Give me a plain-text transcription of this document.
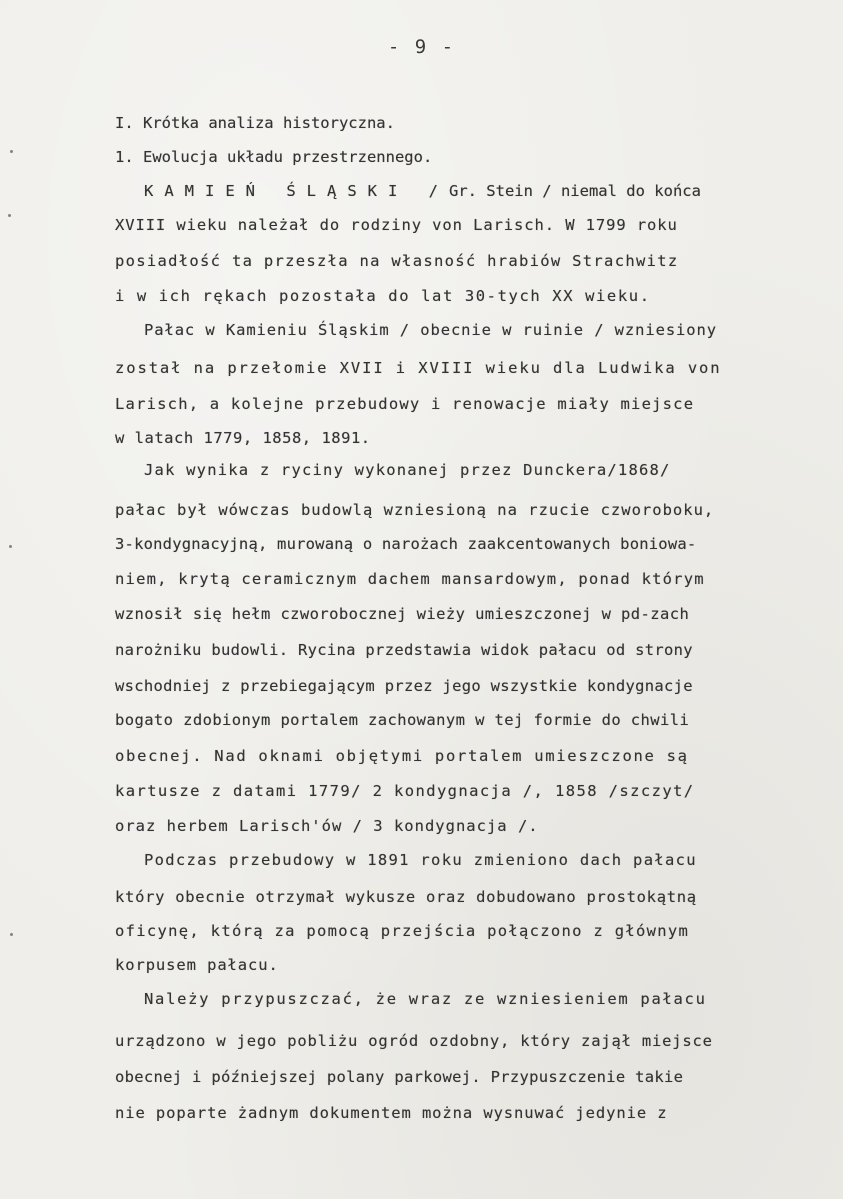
- 9 -
I. Krótka analiza historyczna.
1. Ewolucja układu przestrzennego.
KAMIEŃ ŚLĄSKI /Gr. Stein / niemal do końca
XVIII wieku należał do rodziny von Larisch. W 1799 roku
posiadłość ta przeszła na własność hrabiów Strachwitz
i w ich rękach pozostała do lat 30-tych XX wieku.
Pałac w Kamieniu Śląskim / obecnie w ruinie / wzniesiony
został na przełomie XVII i XVIII wieku dla Ludwika von
Larisch, a kolejne przebudowy i renowacje miały miejsce
w latach 1779, 1858, 1891.
Jak wynika z ryciny wykonanej przez Dunckera/1868/
pałac był wówczas budowlą wzniesioną na rzucie czworoboku,
3-kondygnacyjną, murowaną o narożach zaakcentowanych boniowa-
niem, krytą ceramicznym dachem mansardowym, ponad którym
wznosił się hełm czworobocznej wieży umieszczonej w pd-zach
narożniku budowli. Rycina przedstawia widok pałacu od strony
wschodniej z przebiegającym przez jego wszystkie kondygnacje
bogato zdobionym portalem zachowanym w tej formie do chwili
obecnej. Nad oknami objętymi portalem umieszczone są
kartusze z datami 1779/ 2 kondygnacja /, 1858 /szczyt/
oraz herbem Larisch'ów / 3 kondygnacja /.
Podczas przebudowy w 1891 roku zmieniono dach pałacu
który obecnie otrzymał wykusze oraz dobudowano prostokątną
oficynę, którą za pomocą przejścia połączono z głównym
korpusem pałacu.
Należy przypuszczać, że wraz ze wzniesieniem pałacu
urządzono w jego pobliżu ogród ozdobny, który zajął miejsce
obecnej i późniejszej polany parkowej. Przypuszczenie takie
nie poparte żadnym dokumentem można wysnuwać jedynie z
